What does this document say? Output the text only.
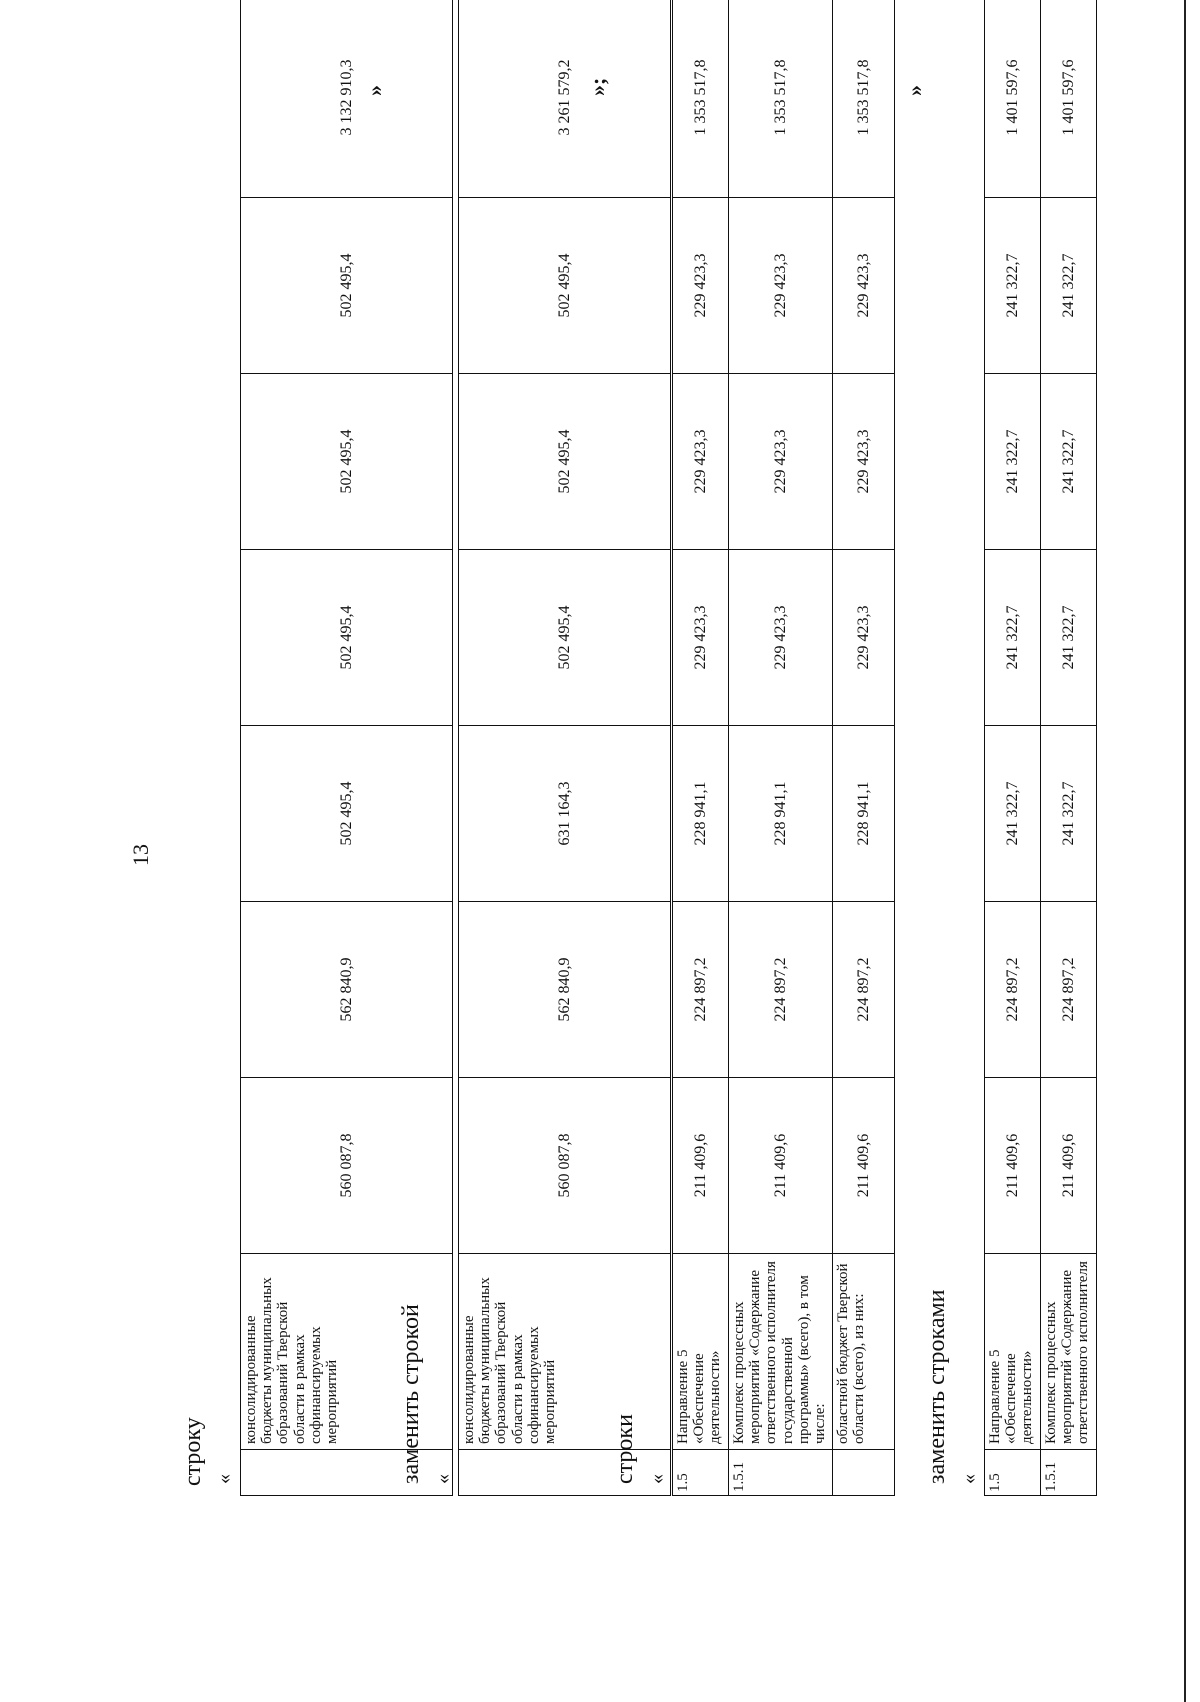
13
строку «
	консолидированные бюджеты муниципальных образований Тверской области в рамках софинансируемых мероприятий	560 087,8	562 840,9	502 495,4	502 495,4	502 495,4	502 495,4	3 132 910,3 »
заменить строкой «
	консолидированные бюджеты муниципальных образований Тверской области в рамках софинансируемых мероприятий	560 087,8	562 840,9	631 164,3	502 495,4	502 495,4	502 495,4	3 261 579,2 »;
строки « 1.5	Направление 5 «Обеспечение деятельности»	211 409,6	224 897,2	228 941,1	229 423,3	229 423,3	229 423,3	1 353 517,8
1.5.1	Комплекс процессных мероприятий «Содержание ответственного исполнителя государственной программы» (всего), в том числе:	211 409,6	224 897,2	228 941,1	229 423,3	229 423,3	229 423,3	1 353 517,8
	областной бюджет Тверской области (всего), из них:	211 409,6	224 897,2	228 941,1	229 423,3	229 423,3	229 423,3	1 353 517,8 »
заменить строками « 1.5	Направление 5 «Обеспечение деятельности»	211 409,6	224 897,2	241 322,7	241 322,7	241 322,7	241 322,7	1 401 597,6
1.5.1	Комплекс процессных мероприятий «Содержание ответственного исполнителя	211 409,6	224 897,2	241 322,7	241 322,7	241 322,7	241 322,7	1 401 597,6
